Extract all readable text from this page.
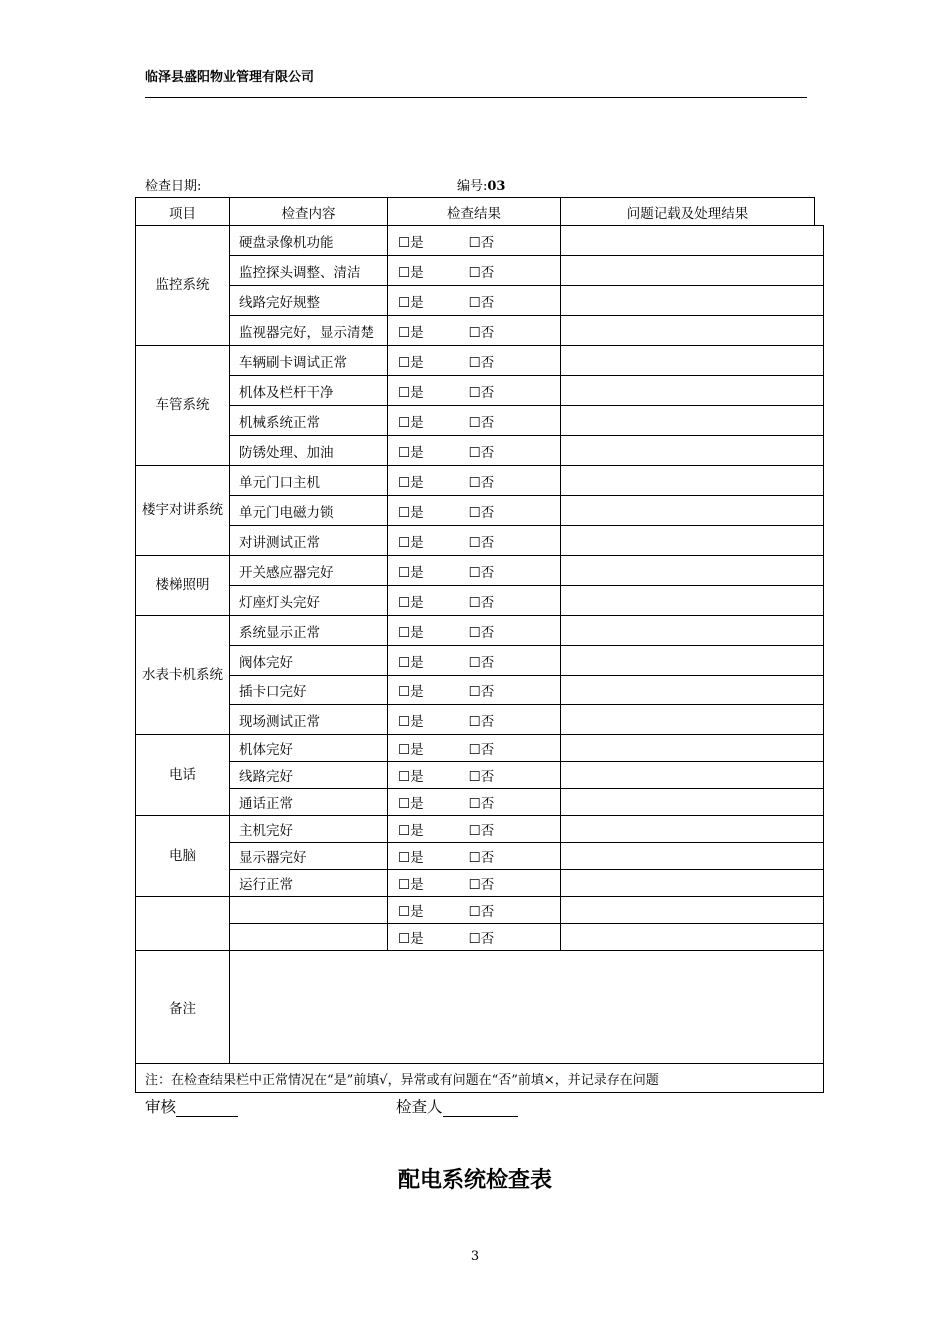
临泽县盛阳物业管理有限公司
检查日期:	编号:03
项目	检查内容	检查结果	问题记载及处理结果	
监控系统	硬盘录像机功能	☐是 ☐否		
	监控探头调整、清洁	☐是 ☐否		
	线路完好规整	☐是 ☐否		
	监视器完好，显示清楚	☐是 ☐否		
车管系统	车辆刷卡调试正常	☐是 ☐否		
	机体及栏杆干净	☐是 ☐否		
	机械系统正常	☐是 ☐否		
	防锈处理、加油	☐是 ☐否		
楼宇对讲系统	单元门口主机	☐是 ☐否		
	单元门电磁力锁	☐是 ☐否		
	对讲测试正常	☐是 ☐否		
楼梯照明	开关感应器完好	☐是 ☐否		
	灯座灯头完好	☐是 ☐否		
水表卡机系统	系统显示正常	☐是 ☐否		
	阀体完好	☐是 ☐否		
	插卡口完好	☐是 ☐否		
	现场测试正常	☐是 ☐否		
电话	机体完好	☐是 ☐否		
	线路完好	☐是 ☐否		
	通话正常	☐是 ☐否		
电脑	主机完好	☐是 ☐否		
	显示器完好	☐是 ☐否		
	运行正常	☐是 ☐否		
		☐是 ☐否		
		☐是 ☐否		
备注				
注：在检查结果栏中正常情况在“是”前填√，异常或有问题在“否”前填×，并记录存在问题				
审核	检查人
配电系统检查表
3
